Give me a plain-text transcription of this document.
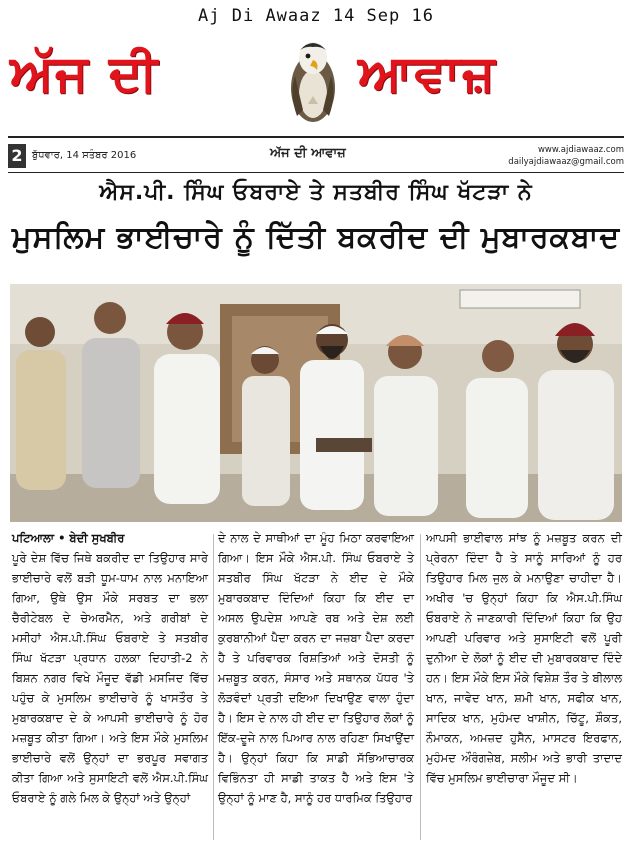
Aj Di Awaaz 14 Sep 16
ਅੱਜ ਦੀ	ਆਵਾਜ਼
2 ਬੁੱਧਵਾਰ, 14 ਸਤੰਬਰ 2016	ਅੱਜ ਦੀ ਆਵਾਜ਼	www.ajdiawaaz.com
dailyajdiawaaz@gmail.com
ਐਸ.ਪੀ. ਸਿੰਘ ਓਬਰਾਏ ਤੇ ਸਤਬੀਰ ਸਿੰਘ ਖੱਟੜਾ ਨੇ
ਮੁਸਲਿਮ ਭਾਈਚਾਰੇ ਨੂੰ ਦਿੱਤੀ ਬਕਰੀਦ ਦੀ ਮੁਬਾਰਕਬਾਦ
ਪਟਿਆਲਾ • ਬੇਦੀ ਸੁਖਬੀਰ
ਪੂਰੇ ਦੇਸ਼ ਵਿੱਚ ਜਿਥੇ ਬਕਰੀਦ ਦਾ ਤਿਉਹਾਰ ਸਾਰੇ ਭਾਈਚਾਰੇ ਵਲੋਂ ਬੜੀ ਧੂਮ-ਧਾਮ ਨਾਲ ਮਨਾਇਆ ਗਿਆ, ਉਥੇ ਉਸ ਮੌਕੇ ਸਰਬਤ ਦਾ ਭਲਾ ਚੈਰੀਟੇਬਲ ਦੇ ਚੇਅਰਮੈਨ, ਅਤੇ ਗਰੀਬਾਂ ਦੇ ਮਸੀਹਾਂ ਐਸ.ਪੀ.ਸਿੰਘ ਓਬਰਾਏ ਤੇ ਸਤਬੀਰ ਸਿੰਘ ਖੱਟੜਾ ਪ੍ਰਧਾਨ ਹਲਕਾ ਦਿਹਾਤੀ-2 ਨੇ ਬਿਸ਼ਨ ਨਗਰ ਵਿਖੇ ਮੌਜੂਦ ਵੱਡੀ ਮਸਜਿਦ ਵਿੱਚ ਪਹੁੰਚ ਕੇ ਮੁਸਲਿਮ ਭਾਈਚਾਰੇ ਨੂੰ ਖਾਸਤੌਰ ਤੇ ਮੁਬਾਰਕਬਾਦ ਦੇ ਕੇ ਆਪਸੀ ਭਾਈਚਾਰੇ ਨੂੰ ਹੋਰ ਮਜ਼ਬੂਤ ਕੀਤਾ ਗਿਆ। ਅਤੇ ਇਸ ਮੌਕੇ ਮੁਸਲਿਮ ਭਾਈਚਾਰੇ ਵਲੋਂ ਉਨ੍ਹਾਂ ਦਾ ਭਰਪੂਰ ਸਵਾਗਤ ਕੀਤਾ ਗਿਆ ਅਤੇ ਸੁਸਾਇਟੀ ਵਲੋਂ ਐਸ.ਪੀ.ਸਿੰਘ ਓਬਰਾਏ ਨੂੰ ਗਲੇ ਮਿਲ ਕੇ ਉਨ੍ਹਾਂ ਅਤੇ ਉਨ੍ਹਾਂ
ਦੇ ਨਾਲ ਦੇ ਸਾਥੀਆਂ ਦਾ ਮੂੰਹ ਮਿਠਾ ਕਰਵਾਇਆ ਗਿਆ। ਇਸ ਮੌਕੇ ਐਸ.ਪੀ. ਸਿੰਘ ਓਬਰਾਏ ਤੇ ਸਤਬੀਰ ਸਿੰਘ ਖੱਟੜਾ ਨੇ ਈਦ ਦੇ ਮੌਕੇ ਮੁਬਾਰਕਬਾਦ ਦਿੰਦਿਆਂ ਕਿਹਾ ਕਿ ਈਦ ਦਾ ਅਸਲ ਉਪਦੇਸ਼ ਆਪਣੇ ਰਬ ਅਤੇ ਦੇਸ਼ ਲਈ ਕੁਰਬਾਨੀਆਂ ਪੈਦਾ ਕਰਨ ਦਾ ਜਜ਼ਬਾ ਪੈਦਾ ਕਰਦਾ ਹੈ ਤੇ ਪਰਿਵਾਰਕ ਰਿਸ਼ਤਿਆਂ ਅਤੇ ਦੋਸਤੀ ਨੂੰ ਮਜ਼ਬੂਤ ਕਰਨ, ਸੰਸਾਰ ਅਤੇ ਸਥਾਨਕ ਪੱਧਰ 'ਤੇ ਲੋੜਵੰਦਾਂ ਪ੍ਰਤੀ ਦਇਆ ਦਿਖਾਉਣ ਵਾਲਾ ਹੁੰਦਾ ਹੈ। ਇਸ ਦੇ ਨਾਲ ਹੀ ਈਦ ਦਾ ਤਿਉਹਾਰ ਲੋਕਾਂ ਨੂੰ ਇੱਕ-ਦੂਜੇ ਨਾਲ ਪਿਆਰ ਨਾਲ ਰਹਿਣਾ ਸਿਖਾਉਂਦਾ ਹੈ। ਉਨ੍ਹਾਂ ਕਿਹਾ ਕਿ ਸਾਡੀ ਸੱਭਿਆਚਾਰਕ ਵਿਭਿੰਨਤਾ ਹੀ ਸਾਡੀ ਤਾਕਤ ਹੈ ਅਤੇ ਇਸ 'ਤੇ ਉਨ੍ਹਾਂ ਨੂੰ ਮਾਣ ਹੈ, ਸਾਨੂੰ ਹਰ ਧਾਰਮਿਕ ਤਿਉਹਾਰ
ਆਪਸੀ ਭਾਈਵਾਲ ਸਾਂਝ ਨੂੰ ਮਜ਼ਬੂਤ ਕਰਨ ਦੀ ਪ੍ਰੇਰਨਾ ਦਿੰਦਾ ਹੈ ਤੇ ਸਾਨੂੰ ਸਾਰਿਆਂ ਨੂੰ ਹਰ ਤਿਉਹਾਰ ਮਿਲ ਜੁਲ ਕੇ ਮਨਾਉਣਾ ਚਾਹੀਦਾ ਹੈ। ਅਖੀਰ 'ਚ ਉਨ੍ਹਾਂ ਕਿਹਾ ਕਿ ਐਸ.ਪੀ.ਸਿੰਘ ਓਬਰਾਏ ਨੇ ਜਾਣਕਾਰੀ ਦਿੰਦਿਆਂ ਕਿਹਾ ਕਿ ਉਹ ਆਪਣੀ ਪਰਿਵਾਰ ਅਤੇ ਸੁਸਾਇਟੀ ਵਲੋਂ ਪੂਰੀ ਦੁਨੀਆ ਦੇ ਲੋਕਾਂ ਨੂੰ ਈਦ ਦੀ ਮੁਬਾਰਕਬਾਦ ਦਿੰਦੇ ਹਨ। ਇਸ ਮੌਕੇ ਇਸ ਮੌਕੇ ਵਿਸ਼ੇਸ਼ ਤੌਰ ਤੇ ਬੀਲਾਲ ਖਾਨ, ਜਾਵੇਦ ਖਾਨ, ਸ਼ਮੀ ਖਾਨ, ਸਫੀਕ ਖਾਨ, ਸਾਦਿਕ ਖਾਨ, ਮੁਹੰਮਦ ਖਾਸ਼ੀਨ, ਚਿੱਟੂ, ਸ਼ੌਕਤ, ਨੌਮਾਕਨ, ਅਮਜ਼ਦ ਹੁਸੈਨ, ਮਾਸਟਰ ਇਰਫਾਨ, ਮੁਹੰਮਦ ਔਰੰਗਜ਼ੇਬ, ਸਲੀਮ ਅਤੇ ਭਾਰੀ ਤਾਦਾਦ ਵਿੱਚ ਮੁਸਲਿਮ ਭਾਈਚਾਰਾ ਮੌਜੂਦ ਸੀ।
